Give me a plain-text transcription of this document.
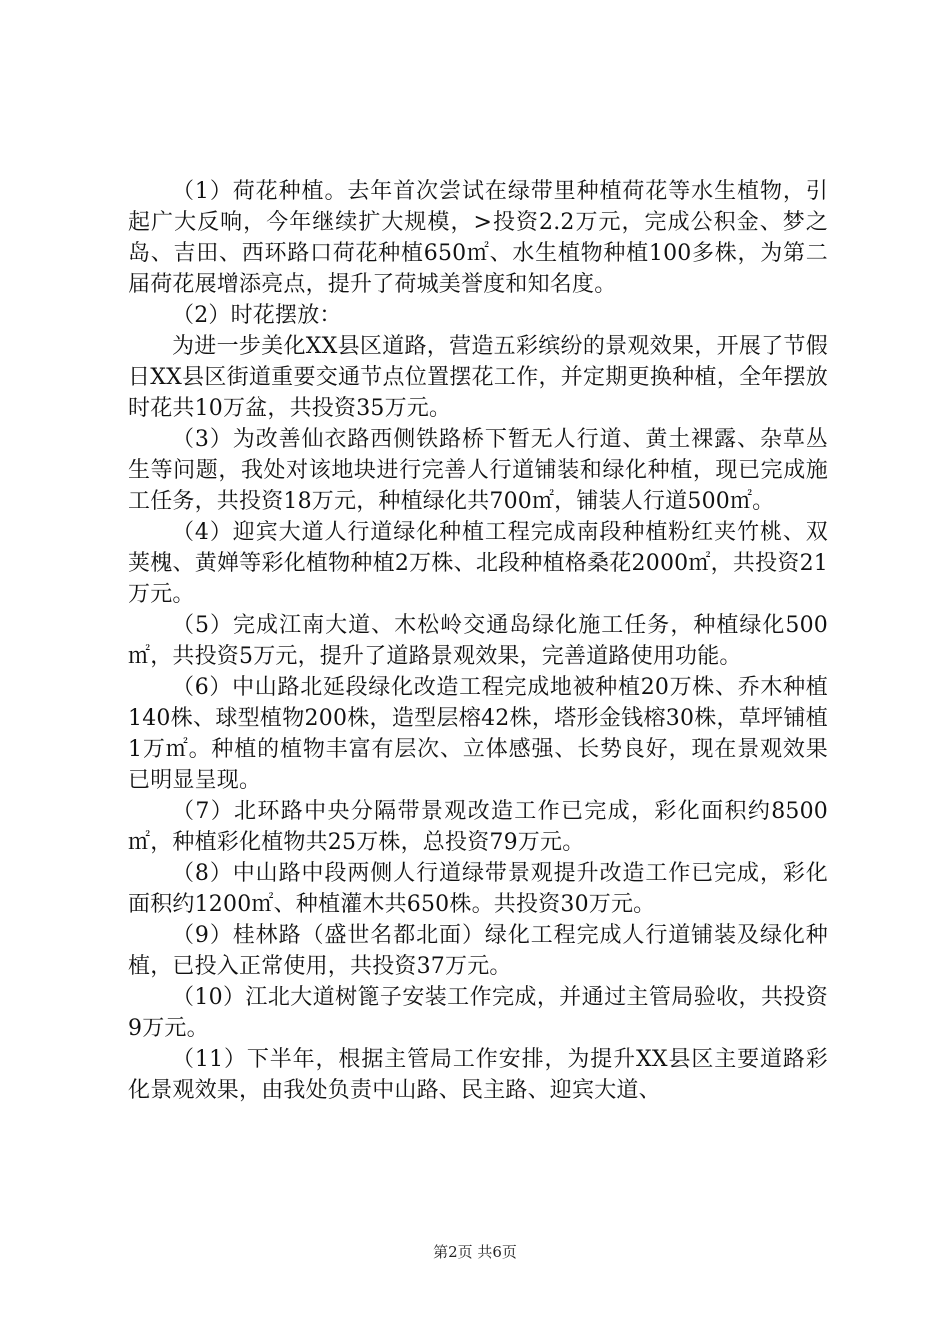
（1）荷花种植。去年首次尝试在绿带里种植荷花等水生植物，引起广大反响，今年继续扩大规模，>投资2.2万元，完成公积金、梦之岛、吉田、西环路口荷花种植650㎡、水生植物种植100多株，为第二届荷花展增添亮点，提升了荷城美誉度和知名度。

（2）时花摆放：

为进一步美化XX县区道路，营造五彩缤纷的景观效果，开展了节假日XX县区街道重要交通节点位置摆花工作，并定期更换种植，全年摆放时花共10万盆，共投资35万元。

（3）为改善仙衣路西侧铁路桥下暂无人行道、黄土裸露、杂草丛生等问题，我处对该地块进行完善人行道铺装和绿化种植，现已完成施工任务，共投资18万元，种植绿化共700㎡，铺装人行道500㎡。

（4）迎宾大道人行道绿化种植工程完成南段种植粉红夹竹桃、双荚槐、黄婵等彩化植物种植2万株、北段种植格桑花2000㎡，共投资21万元。

（5）完成江南大道、木松岭交通岛绿化施工任务，种植绿化500㎡，共投资5万元，提升了道路景观效果，完善道路使用功能。

（6）中山路北延段绿化改造工程完成地被种植20万株、乔木种植140株、球型植物200株，造型层榕42株，塔形金钱榕30株，草坪铺植1万㎡。种植的植物丰富有层次、立体感强、长势良好，现在景观效果已明显呈现。

（7）北环路中央分隔带景观改造工作已完成，彩化面积约8500㎡，种植彩化植物共25万株，总投资79万元。

（8）中山路中段两侧人行道绿带景观提升改造工作已完成，彩化面积约1200㎡、种植灌木共650株。共投资30万元。

（9）桂林路（盛世名都北面）绿化工程完成人行道铺装及绿化种植，已投入正常使用，共投资37万元。

（10）江北大道树篦子安装工作完成，并通过主管局验收，共投资9万元。

（11）下半年，根据主管局工作安排，为提升XX县区主要道路彩化景观效果，由我处负责中山路、民主路、迎宾大道、

第2页 共6页
